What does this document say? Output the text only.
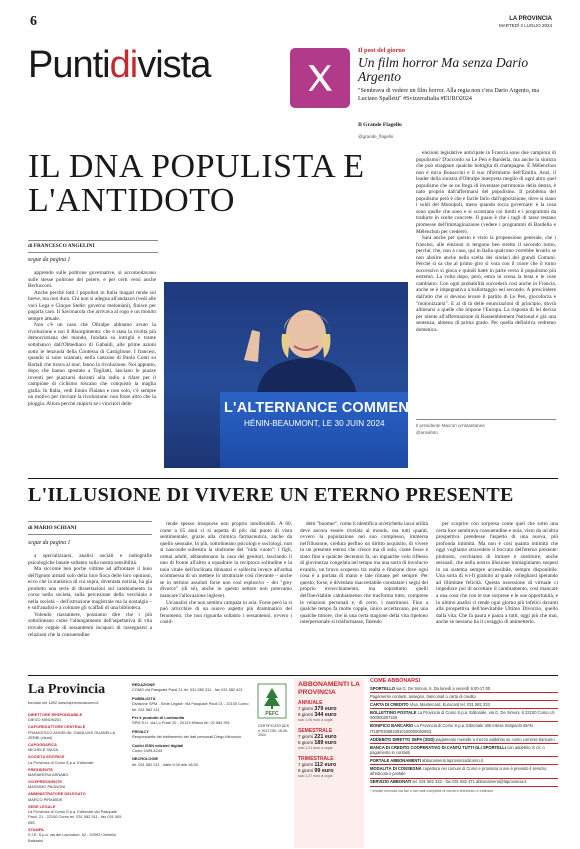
6	LA PROVINCIA
MARTEDÌ 2 LUGLIO 2024
Puntidivista	Il post del giorno
Un film horror Ma senza Dario Argento
"Sembrava di vedere un film horror. Alla regia non c'era Dario Argento, ma Luciano Spalletti" #SvizzeraItalia #EURO2024
Il Grande Flagello
@grande_flagello
IL DNA POPULISTA E L'ANTIDOTO
di FRANCESCO ANGELINI
segue da pagina 1

apprendo sulle poltrone governative, si accomodavano sulle stesse poltrone del potere, e per certi versi anche Berlusconi.

Anche perché tutti i populisti in Italia magari rende sul breve, ma non dura. Chi non si adegua all'andazzo (vedi alle voci Lega e Cinque Stelle: governo meloniani), finisce per pagarla caro. Il Savonarola che arrivava al rogo è un monito sempre attuale.

Non c'è un caso che Oltralpe abbiamo avuto la rivoluzione e noi il Risorgimento: che è stata la rivolta più democristiana del mondo, fondata su intrighi e trame sottobanco dall'Obbediaco di Gabaldi, alle prime azioni sotto le lenzuola della Contessa di Castiglione. I francesi, quando si sono scannati, nella canzone di Paolo Conti su Bartali che tirava al tour, fanno la rivoluzione. Noi appunto, dopo che hanno spostato a Togliatti, lasciano le piazze roventi per piazzarsi davanti alla radio a tifare per il campione di ciclismo toscano che conquistò la maglia gialla. In Italia, vedi Ennio Flaiano e non solo, c'è sempre un motivo per rinviare la rivoluzione: non fosse altro che la pioggia. Allora perché stupirsi se i vincitori delle

elezioni legislative anticipate in Francia sono due campioni di populismo? D'accordo su Le Pen e Bardella, ma anche la sinistra che può strappare qualche bottiglia di champagne. È Mélenchon non è mica Bonaccini e il suo riformismo dell'Emilia. Anzi, il leader della sinistra d'Oltralpe interpreta meglio di ogni altro quel populismo che se ne frega di inventare patrimonio della destra, è nato proprio dall'affermarsi del populismo. Il problema del populismo però è che è facile farlo dall'opposizione, dove si siano i soldi del Monopoli, meno quando tocca governare: è la cosa sono quelle che sono e si scontrano coi limiti e i programmi da tradurre in scelte concrete. Il guaio è che i tagli di tasse restano promesse dell'immaginazione (vedere i programmi di Bardella e Mélenchon per credere).

Sarà anche per questo e visto la propensione generale, che i francesi, alle elezioni si tengono ben stretto il secondo turno, perché, che, non a caso, qui in Italia qualcuno vorrebbe levarlo se non abolire anche nella scelta dei sindaci dei grandi Comuni. Perché si sa che al primo giro si vota con il cuore che il turno successivo si gioca e quindi batte in parte verso il populismo più estremo. La volta dopo, però, entra in scena la testa e le cose cambiano. Con ogni probabilità succederà così anche in Francia, anche se è impegnativa a ballottaggio nel secondo. A prescindere dall'alto che si devono levare il partito di Le Pen, giocoforza e "molonizzarsi". E al di là delle enunciazioni di principio, dovrà allinearsi a quelle che impone l'Europa. La risposta di lei decisa per niente all'affermazione di Rassemblement National è già una sentenza, almeno di prima grado. Per quella definitiva vedremo domenica.

L'ALTERNANCE COMMENCE
HÉNIN-BEAUMONT, LE 30 JUIN 2024	Il presidente Macron un'istantanea
@ansafoto
L'ILLUSIONE DI VIVERE UN ETERNO PRESENTE
di MARIO SCHIANI
segue da pagina 1

a specializzarsi, analisi sociali e radiografie psicologiche basate soltanto sulla nostra sensibilità.

Ma siccome ben poche vittime ad affrontare il buio dell'ignoto armati solo della luce fioca delle loro opinioni, ecco che la statistica di cui sopra, diventata notizia, ha già prodotto una serie di dissertazioni sul cambiamento in corso nella società, sulla percezione della vecchiaia e nella società – dell'istruzione magistrale ma la nostalgia – e sull'analisi e a colmare gli scaffali di una biblioteca.

Volendo riassumere, possiamo dire che i più sottolineano come l'allungamento dell'aspettativa di vita trovale coppie di sessantenni incapaci di rassegnarsi a relazioni che la consuetudine

rende spesso insoporse non proprio intollerabili. A 60, come a 65 anni ci si aspetta di più: dal punto di vista sentimentale, grazie alla chimica farmaceutica, anche da quello sessuale. In più, sottolineano psicologi e sociologi, non si nasconde subentra la sindrome del "nido vuoto": i figli, ormai adulti, abbandonano la casa dei genitori, lasciando li uno di fronte all'altro a squadrare la reciproca solitudine e la noia vitale dell'inclinata dinnanzi e sollecita invece all'ardua scommessa di un mettere lo strutturale così rilevante – anche se in termini assoluti forse non così esplosivo – dei "grey divorce" (di sé), anche in questo settore non potevamo mancare l'allocazione inglese).

Un'analisi che non sembra campata in aria. Forse però la si può arricchire di un nuovo aspetto più drammatico del fenomeno, che non riguarda soltanto i sessantenni, ovvero i cosid-

detti "boomer", come li identifica un'etichetta lacui utilità deve ancora essere rivelata al mondo, ma tutti quanti, ovvero la popolazione nel suo complesso, immersa nell'illusione, creduta perfino un diritto acquisito, di vivere in un presente eterno che cresce ma di solo, come fosse è stato fino a qualche decennio fa, un inguaribe volo riflesso di giovinezza congelata nel tempo ma una sorta di involucro evanito, un bravo scoperso tra realtà e finzione dove ogni cosa è a portata di mano e tale rimane per sempre. Per questo, forse, è diventato inaccettabile constatare i segni del proprio invecchiamento, ma soprattutto quelli dell'inevitabile cambiamento che trasforma tutto, comprese le relazioni personali e, di certo, i matrimoni. Fino a qualche tempo fa molte coppie, unico accettavano, per una qualche timore, che in una certa stagione della vita ripetono interpersonale si trasformasse, finendo

per scoprire con sorpresa come quel che sotto una certa luce sembrava consuetudine e noia, visto da un'altra prospettiva prendesse l'aspetto di una nuova, più profonda intimità. Ma non è così quanta intimità che oggi vogliamo stravedere il boccato dell'eterno presente: piuttosto, cerchiamo di imitare e sostituire, anche sessuali, che nella nostra illusione immaginiamo sospesi in un sistema sempre accessibile, sempre disponibile. Una sorta di wi-fi gratuito al quale collegharsi sperando ad illimitate felicità. Questa ossessione di virtuale ci impedisce poi di accettare il cambiamento, così mancare a una cosa che con le sue sorprese e le sue opportunità, e in ultimo analisi ci rende ogni giorno più infelici davanti alla prospettiva dell'inevitabile Ultimo Divorzio, quello dalla vita. Che fa paura e paura a tutti, oggi più che mai, anche se nessuno ha il coraggio di ammetterlo.

La Provincia
fondato nel 1892 www.laprovinciacomo.it
DIRETTORE RESPONSABILE
DIEGO MINONZIO
CAPOREDATTORE CENTRALE
FRANCESCO ANGELINI, GIANLUIGI GUANELLA ZERBI (vicari)
CAPOGRAFICA
MICHELE SIAGA
SOCIETÀ EDITRICE
La Provincia di Como S.p.a. Editoriale
PRESIDENTE
MARIAROSA ARNABO
VICEPRESIDENTE
MASSIMO PAGNONI
AMMINISTRATORE DELEGATO
MARCO PIRAMIDE
SEDE LEGALE
La Provincia di Como S.p.a. Editoriale via Pasquale Paoli, 21 - 22100 Como tel. 031 582 311 - fax 031 505 055
STAMPA
S.I.E. S.p.a. via dei Lavoratori, 52 - 20092 Cinisello Balsamo
REDAZIONE
COMO via Pasquale Paoli 21 tel. 031 582 311 - fax 031 582 421
PUBBLICITÀ
Divisione SPM - Sede Legale: Via Pasquale Paoli 21 - 22100 Como tel. 031 582 211
Per il prodotto di Lombardia
SPM S.r.l. via Lo Frate 20 - 20124 Milano tel. 02 584 991
PRIVACY
Responsabile del trattamento dei dati personali Diego Minonzio
Codici ISSN edizioni digitali
Como 2499-4243
NECROLOGIE
tel. 031 582 211 - dalle 9.00 alle 18.00
PEFC
CERTIFICATO ADS n. 9112 DEL 18-05-2024
ABBONAMENTI LA PROVINCIA
ANNUALE
7 giorni 379 euro
6 giorni 344 euro
solo 1,06 euro a copia
SEMESTRALE
7 giorni 221 euro
6 giorni 189 euro
solo 1,21 euro a copia
TRIMESTRALE
7 giorni 112 euro
6 giorni 99 euro
solo 1,27 euro a copia
COME ABBONARSI
SPORTELLO via G. De Simoni, 6. Da lunedì a venerdì 9.00-17.00
Pagamento contanti, assegno, bancomat o carta di credito
CARTA DI CREDITO Visa, Mastercard, Eurocard tel. 031 582 333
BOLLETTINO POSTALE La Provincia di Como S.p.a. Editoriale, via G. De Simoni, 6 22100 Como c/c 000000297226
BONIFICO BANCARIO La Provincia di Como S.p.a. Editoriale UBI Intesa Sanpaolo IBAN IT18P0306910910100000062663
ADDEBITO DIRETTO SEPA (SDD) pagamento mensile a mezzo addebito su conto corrente bancario
BANCA DI CREDITO COOPERATIVO DI CANTÙ TUTTI GLI SPORTELLI con addebito in c/c o pagamento in contanti
PORTALE ABBONAMENTI abbonamenti.laprovinciadicomo.it
MODALITÀ DI CONSEGNA copertura nei comuni di Como e provincia a ove è previsto il servizio, all'edicola o postale
SERVIZIO ABBONATI tel. 031 582 333 - fax 031 582 471 abbonamenti@laprovincia.it
* inviate ricevuta via fax o via mail completa di numero telefonico e indirizzo
